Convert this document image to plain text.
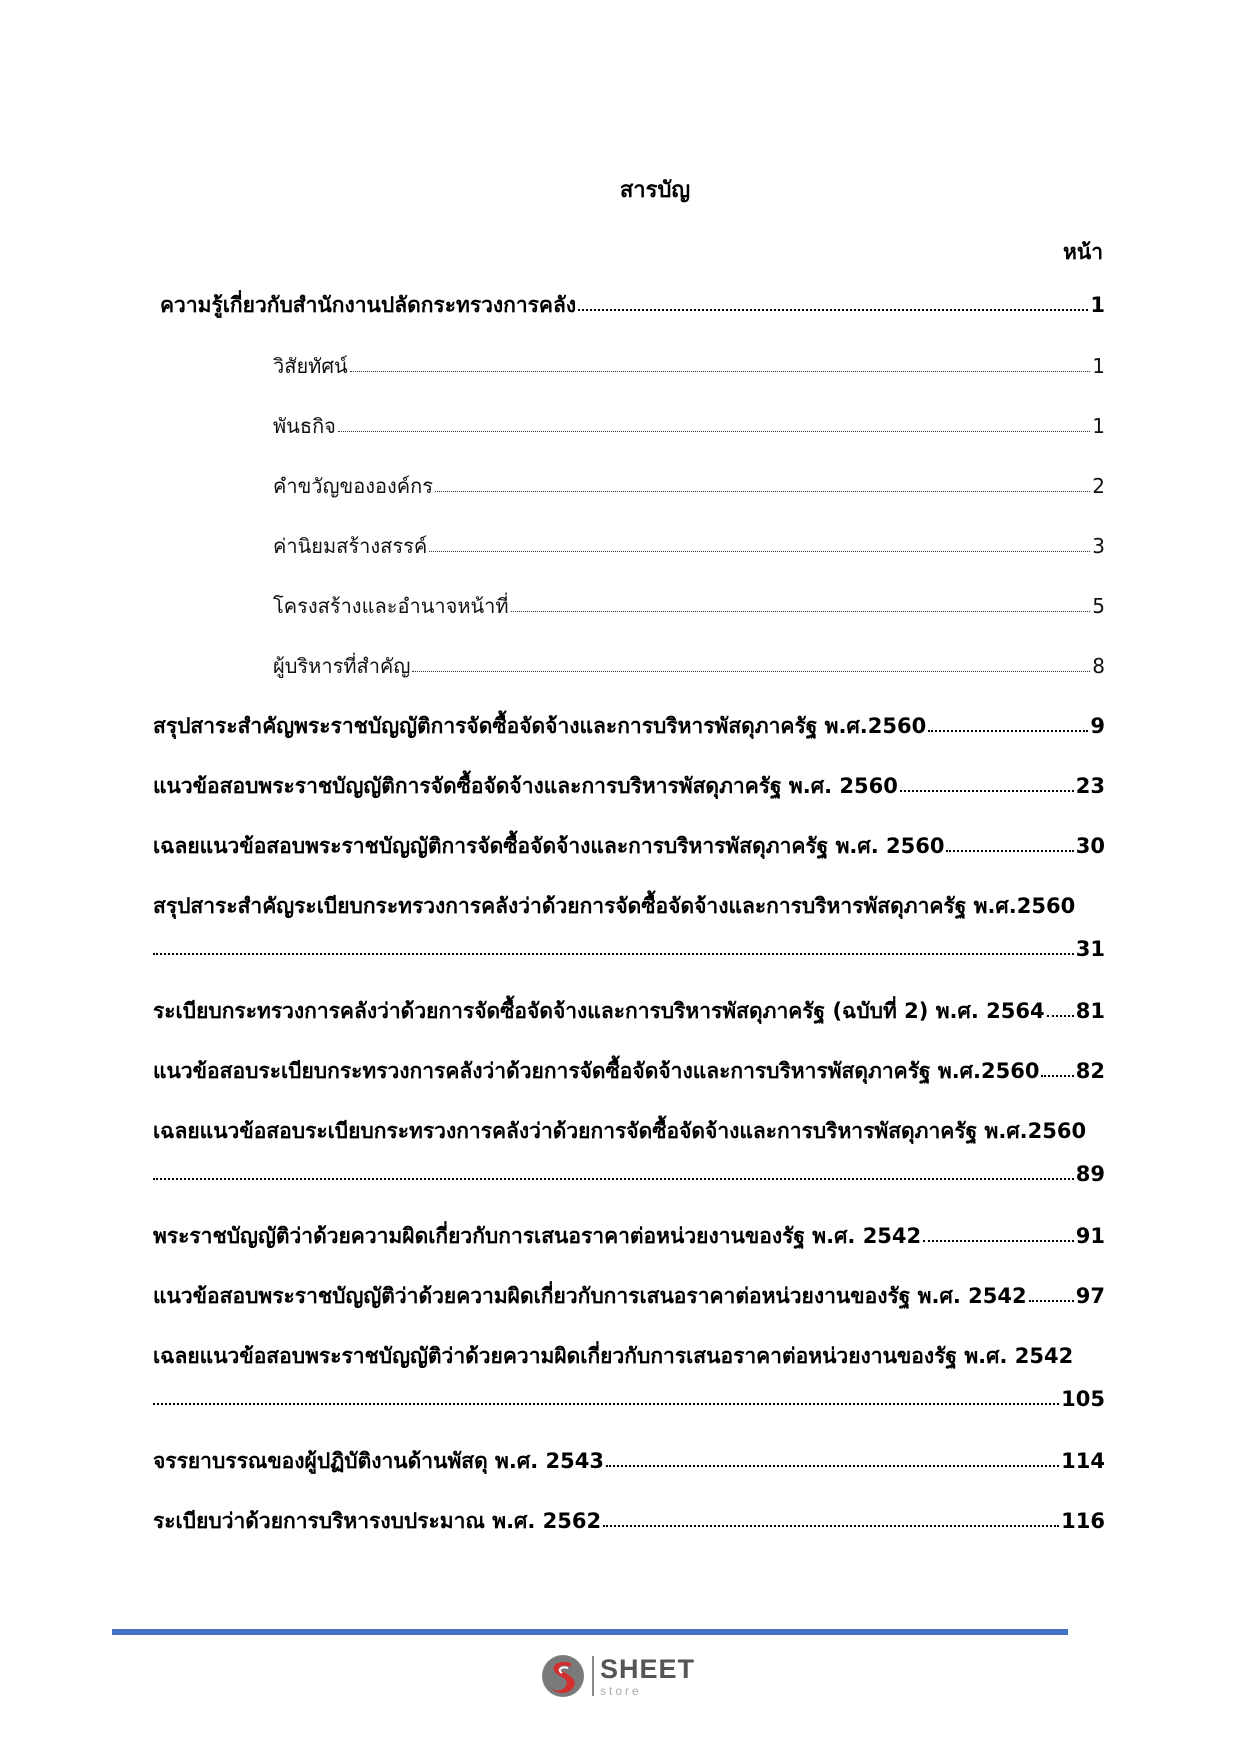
สารบัญ
หน้า
ความรู้เกี่ยวกับสำนักงานปลัดกระทรวงการคลัง	1
วิสัยทัศน์	1
พันธกิจ	1
คำขวัญขององค์กร	2
ค่านิยมสร้างสรรค์	3
โครงสร้างและอำนาจหน้าที่	5
ผู้บริหารที่สำคัญ	8
สรุปสาระสำคัญพระราชบัญญัติการจัดซื้อจัดจ้างและการบริหารพัสดุภาครัฐ พ.ศ.2560	9
แนวข้อสอบพระราชบัญญัติการจัดซื้อจัดจ้างและการบริหารพัสดุภาครัฐ พ.ศ. 2560	23
เฉลยแนวข้อสอบพระราชบัญญัติการจัดซื้อจัดจ้างและการบริหารพัสดุภาครัฐ พ.ศ. 2560	30
สรุปสาระสำคัญระเบียบกระทรวงการคลังว่าด้วยการจัดซื้อจัดจ้างและการบริหารพัสดุภาครัฐ พ.ศ.2560
31
ระเบียบกระทรวงการคลังว่าด้วยการจัดซื้อจัดจ้างและการบริหารพัสดุภาครัฐ (ฉบับที่ 2) พ.ศ. 2564 81
แนวข้อสอบระเบียบกระทรวงการคลังว่าด้วยการจัดซื้อจัดจ้างและการบริหารพัสดุภาครัฐ พ.ศ.2560 82
เฉลยแนวข้อสอบระเบียบกระทรวงการคลังว่าด้วยการจัดซื้อจัดจ้างและการบริหารพัสดุภาครัฐ พ.ศ.2560
89
พระราชบัญญัติว่าด้วยความผิดเกี่ยวกับการเสนอราคาต่อหน่วยงานของรัฐ พ.ศ. 2542	91
แนวข้อสอบพระราชบัญญัติว่าด้วยความผิดเกี่ยวกับการเสนอราคาต่อหน่วยงานของรัฐ พ.ศ. 2542 97
เฉลยแนวข้อสอบพระราชบัญญัติว่าด้วยความผิดเกี่ยวกับการเสนอราคาต่อหน่วยงานของรัฐ พ.ศ. 2542
105
จรรยาบรรณของผู้ปฏิบัติงานด้านพัสดุ พ.ศ. 2543	114
ระเบียบว่าด้วยการบริหารงบประมาณ พ.ศ. 2562	116
SHEET
store
